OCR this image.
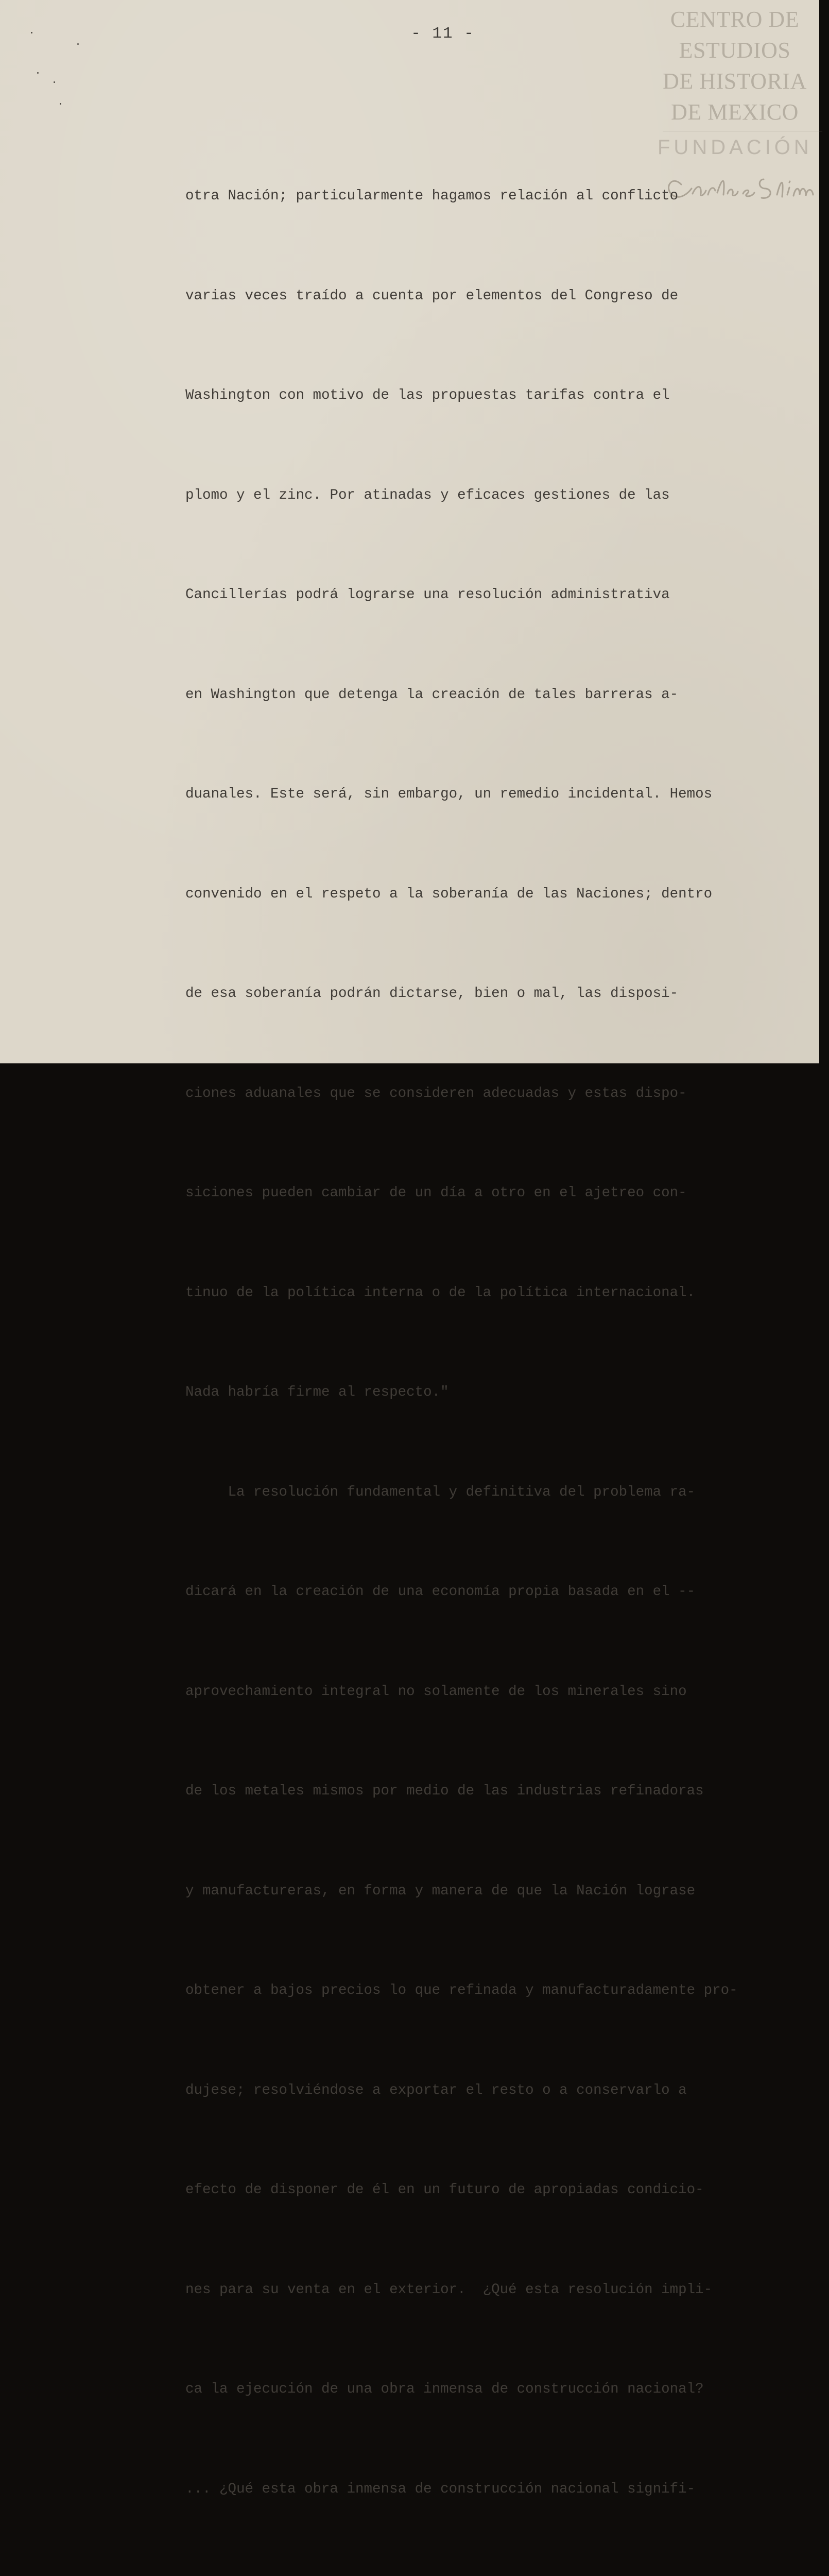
CENTRO DE
ESTUDIOS
DE HISTORIA
DE MEXICO
FUNDACIÓN
- 11 -

otra Nación; particularmente hagamos relación al conflicto

varias veces traído a cuenta por elementos del Congreso de

Washington con motivo de las propuestas tarifas contra el

plomo y el zinc. Por atinadas y eficaces gestiones de las

Cancillerías podrá lograrse una resolución administrativa

en Washington que detenga la creación de tales barreras a-

duanales. Este será, sin embargo, un remedio incidental. Hemos

convenido en el respeto a la soberanía de las Naciones; dentro

de esa soberanía podrán dictarse, bien o mal, las disposi-

ciones aduanales que se consideren adecuadas y estas dispo-

siciones pueden cambiar de un día a otro en el ajetreo con-

tinuo de la política interna o de la política internacional.

Nada habría firme al respecto."

La resolución fundamental y definitiva del problema ra-

dicará en la creación de una economía propia basada en el --

aprovechamiento integral no solamente de los minerales sino

de los metales mismos por medio de las industrias refinadoras

y manufactureras, en forma y manera de que la Nación lograse

obtener a bajos precios lo que refinada y manufacturadamente pro-

dujese; resolviéndose a exportar el resto o a conservarlo a

efecto de disponer de él en un futuro de apropiadas condicio-

nes para su venta en el exterior.  ¿Qué esta resolución impli-

ca la ejecución de una obra inmensa de construcción nacional?

... ¿Qué esta obra inmensa de construcción nacional signifi-
